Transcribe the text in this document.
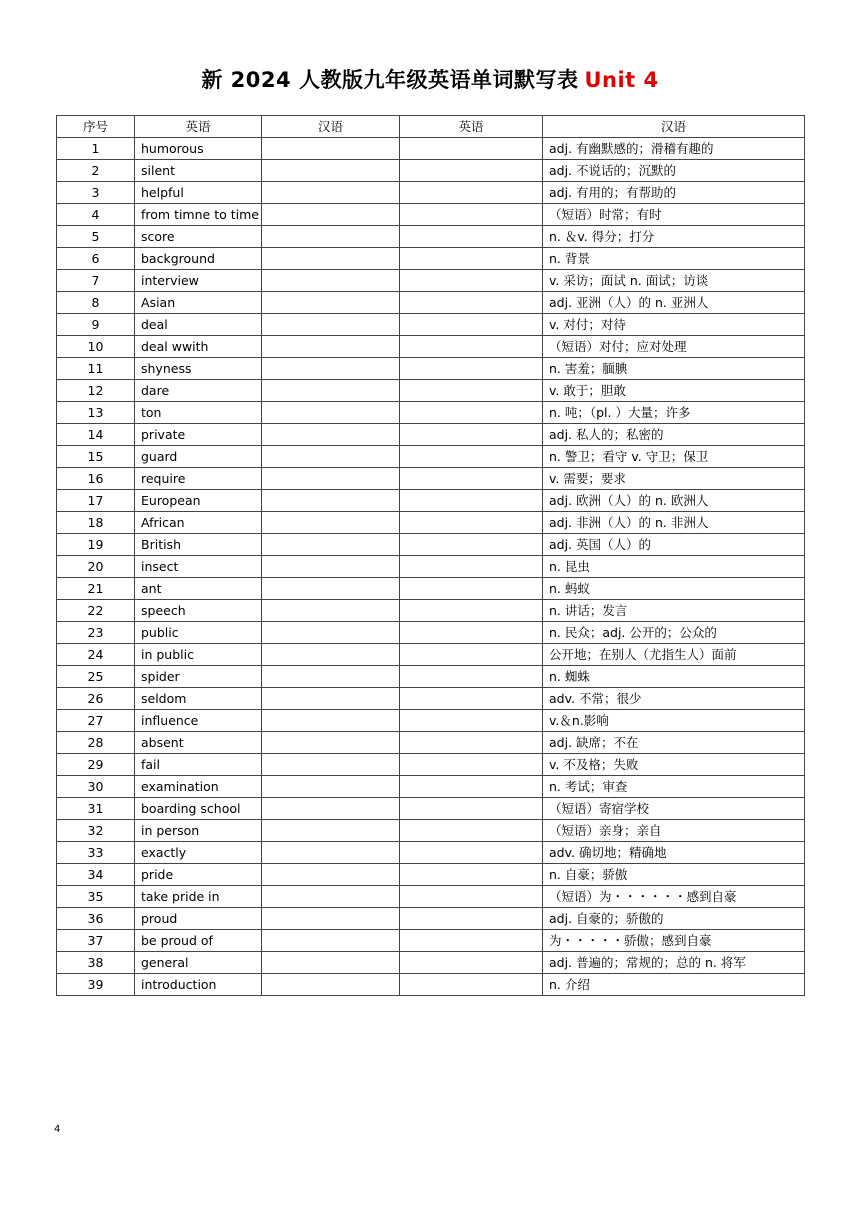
新 2024 人教版九年级英语单词默写表 Unit 4
序号	英语	汉语	英语	汉语
1	humorous			adj. 有幽默感的；滑稽有趣的
2	silent			adj. 不说话的；沉默的
3	helpful			adj. 有用的；有帮助的
4	from timne to time			（短语）时常；有时
5	score			n. ＆v. 得分；打分
6	background			n. 背景
7	interview			v. 采访；面试 n. 面试；访谈
8	Asian			adj. 亚洲（人）的 n. 亚洲人
9	deal			v. 对付；对待
10	deal wwith			（短语）对付；应对处理
11	shyness			n. 害羞；腼腆
12	dare			v. 敢于；胆敢
13	ton			n. 吨；（pl. ）大量；许多
14	private			adj. 私人的；私密的
15	guard			n. 警卫；看守 v. 守卫；保卫
16	require			v. 需要；要求
17	European			adj. 欧洲（人）的 n. 欧洲人
18	African			adj. 非洲（人）的 n. 非洲人
19	British			adj. 英国（人）的
20	insect			n. 昆虫
21	ant			n. 蚂蚁
22	speech			n. 讲话；发言
23	public			n. 民众；adj. 公开的；公众的
24	in public			公开地；在别人（尤指生人）面前
25	spider			n. 蜘蛛
26	seldom			adv. 不常；很少
27	influence			v.＆n.影响
28	absent			adj. 缺席；不在
29	fail			v. 不及格；失败
30	examination			n. 考试；审查
31	boarding school			（短语）寄宿学校
32	in person			（短语）亲身；亲自
33	exactly			adv. 确切地；精确地
34	pride			n. 自豪；骄傲
35	take pride in			（短语）为・・・・・・感到自豪
36	proud			adj. 自豪的；骄傲的
37	be proud of			为・・・・・骄傲；感到自豪
38	general			adj. 普遍的；常规的；总的 n. 将军
39	introduction			n. 介绍
4
